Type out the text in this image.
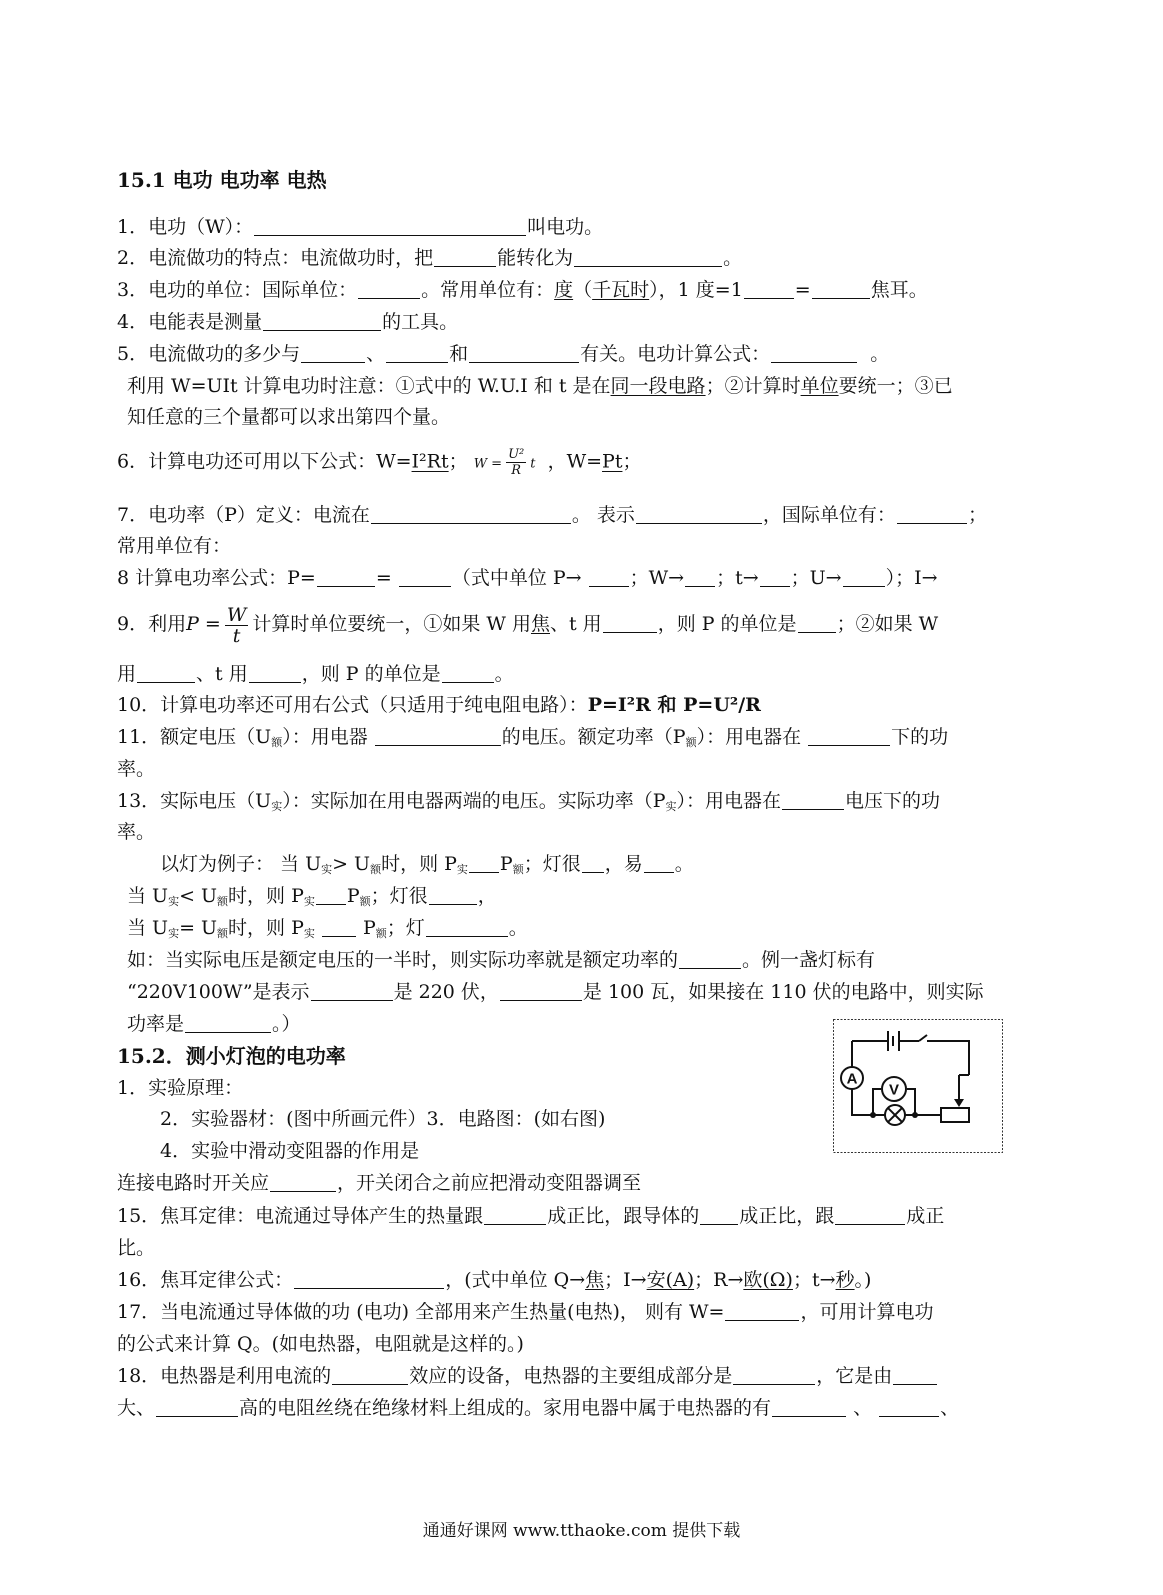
15.1 电功 电功率 电热
1．电功（W）：	叫电功。
2．电流做功的特点：电流做功时，把	能转化为	。
3．电功的单位：国际单位：	。常用单位有：度（千瓦时），1 度=1	=	焦耳。
4．电能表是测量	的工具。
5．电流做功的多少与	、	和	有关。电功计算公式：	。
利用 W=UIt 计算电功时注意：①式中的 W.U.I 和 t 是在同一段电路；②计算时单位要统一；③已
知任意的三个量都可以求出第四个量。
6．计算电功还可用以下公式：W=I²Rt； $W = \frac{\text{U²}}{R}$ t ，W=Pt；
7．电功率（P）定义：电流在	。 表示	，国际单位有：	；
常用单位有：
8 计算电功率公式：P=	=	（式中单位 P→	；W→ ；t→ ；U→ ）；I→
9．利用$P = \frac{W}{t}$ 计算时单位要统一，①如果 W 用焦、t 用	，则 P 的单位是 ；②如果 W
用	、t 用	，则 P 的单位是	。
10．计算电功率还可用右公式（只适用于纯电阻电路）：P=I²R 和 P=U²/R
11．额定电压$(U_额)$：用电器	的电压。额定功率$(P_额)$：用电器在	下的功
率。
13．实际电压$(U_实)$：实际加在用电器两端的电压。实际功率$(P_实)$：用电器在	电压下的功
率。
以灯为例子： 当 $U_实> U_额$时，则 $P_实$ $P_额$；灯很 ，易 。
当 $U_实< U_额$时，则 $P_实$ $P_额$；灯很	，
当 $U_实= U_额$时，则 $P_实$	$P_额$；灯	。
如：当实际电压是额定电压的一半时，则实际功率就是额定功率的	。例一盏灯标有
“220V100W”是表示	是 220 伏，	是 100 瓦，如果接在 110 伏的电路中，则实际
功率是	。）
15.2．测小灯泡的电功率
1．实验原理：
2．实验器材：(图中所画元件）3．电路图：(如右图)
4．实验中滑动变阻器的作用是
连接电路时开关应	，开关闭合之前应把滑动变阻器调至
A
V
15．焦耳定律：电流通过导体产生的热量跟	成正比，跟导体的 成正比，跟	成正
比。
16．焦耳定律公式：	，(式中单位 Q→焦；I→安(A)；R→欧(Ω)；t→秒。)
17．当电流通过导体做的功 (电功) 全部用来产生热量(电热)， 则有 W=	，可用计算电功
的公式来计算 Q。(如电热器，电阻就是这样的。)
18．电热器是利用电流的	效应的设备，电热器的主要组成部分是	，它是由
大、	高的电阻丝绕在绝缘材料上组成的。家用电器中属于电热器的有	、	、
通通好课网 www.tthaoke.com 提供下载
